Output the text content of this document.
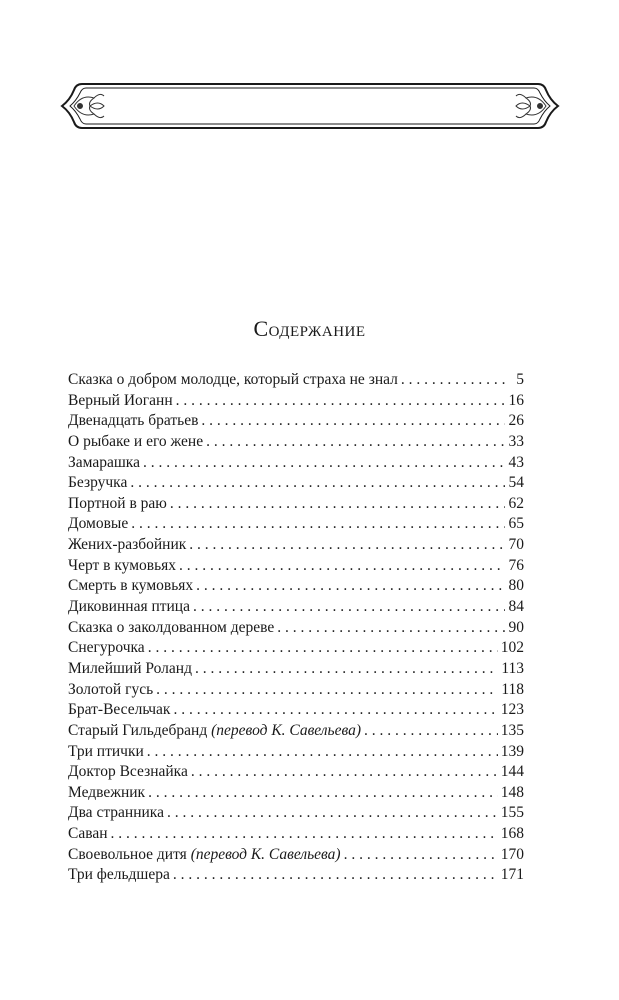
Содержание
Сказка о добром молодце, который страха не знал . . .	5
Верный Иоганн . . .	16
Двенадцать братьев . . .	26
О рыбаке и его жене . . .	33
Замарашка . . .	43
Безручка . . .	54
Портной в раю . . .	62
Домовые . . .	65
Жених-разбойник . . .	70
Черт в кумовьях . . .	76
Смерть в кумовьях . . .	80
Диковинная птица . . .	84
Сказка о заколдованном дереве . . .	90
Снегурочка . . .	102
Милейший Роланд . . .	113
Золотой гусь . . .	118
Брат-Весельчак . . .	123
Старый Гильдебранд (перевод К. Савельева) . . .	135
Три птички . . .	139
Доктор Всезнайка . . .	144
Медвежник . . .	148
Два странника . . .	155
Саван . . .	168
Своевольное дитя (перевод К. Савельева) . . .	170
Три фельдшера . . .	171
